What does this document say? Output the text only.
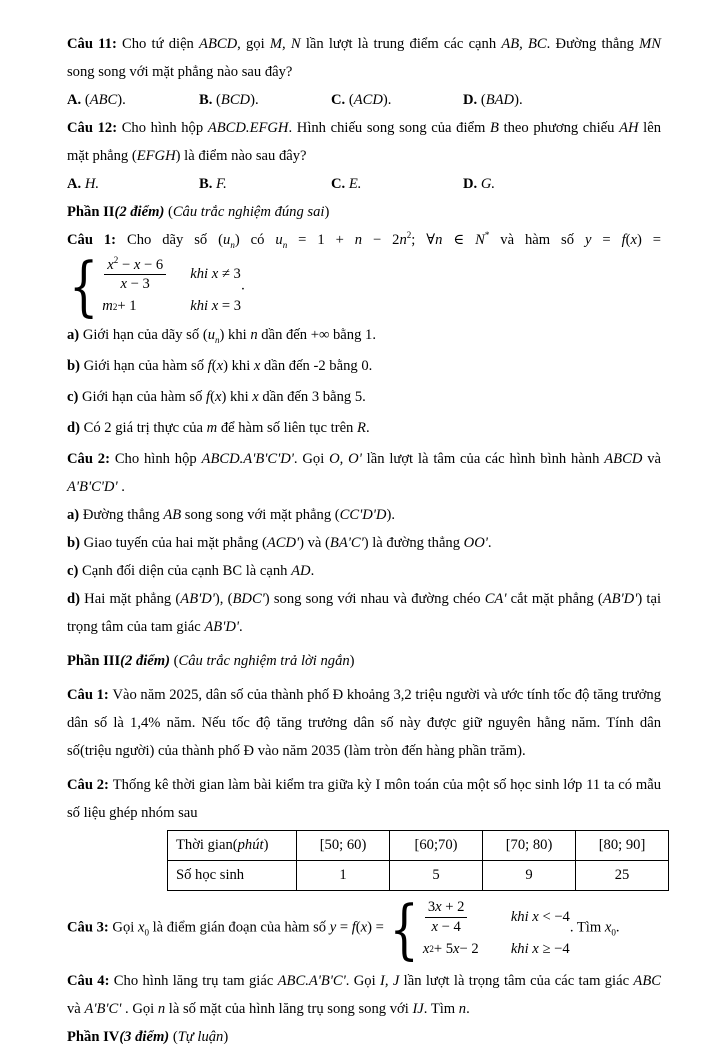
Câu 11: Cho tứ diện ABCD, gọi M, N lần lượt là trung điểm các cạnh AB, BC. Đường thẳng MN song song với mặt phẳng nào sau đây?

A. (ABC).	B. (BCD).	C. (ACD).	D. (BAD).

Câu 12: Cho hình hộp ABCD.EFGH. Hình chiếu song song của điểm B theo phương chiếu AH lên mặt phẳng (EFGH) là điểm nào sau đây?

A. H.	B. F.	C. E.	D. G.

Phần II(2 điểm) (Câu trắc nghiệm đúng sai)

Câu 1: Cho dãy số $(u_n)$ có $u_n = 1 + n - 2n^2$; ∀n ∈ N* và hàm số y = f(x) =
{ $\frac{x^2 - x - 6}{x - 3}$ khi x ≠ 3
m 2 + 1	khi x = 3
.

a) Giới hạn của dãy số $(u_n)$ khi n dần đến +∞ bằng 1.

b) Giới hạn của hàm số f(x) khi x dần đến -2 bằng 0.

c) Giới hạn của hàm số f(x) khi x dần đến 3 bằng 5.

d) Có 2 giá trị thực của m để hàm số liên tục trên R.

Câu 2: Cho hình hộp ABCD.A'B'C'D'. Gọi O, O' lần lượt là tâm của các hình bình hành ABCD và A'B'C'D' .

a) Đường thẳng AB song song với mặt phẳng (CC'D'D).

b) Giao tuyến của hai mặt phẳng (ACD') và (BA'C') là đường thẳng OO'.

c) Cạnh đối diện của cạnh BC là cạnh AD.

d) Hai mặt phẳng (AB'D'), (BDC') song song với nhau và đường chéo CA' cắt mặt phẳng (AB'D') tại trọng tâm của tam giác AB'D'.

Phần III(2 điểm) (Câu trắc nghiệm trả lời ngắn)

Câu 1: Vào năm 2025, dân số của thành phố Đ khoảng 3,2 triệu người và ước tính tốc độ tăng trưởng dân số là 1,4% năm. Nếu tốc độ tăng trưởng dân số này được giữ nguyên hằng năm. Tính dân số(triệu người) của thành phố Đ vào năm 2035 (làm tròn đến hàng phần trăm).

Câu 2: Thống kê thời gian làm bài kiểm tra giữa kỳ I môn toán của một số học sinh lớp 11 ta có mẫu số liệu ghép nhóm sau

Thời gian(phút)	[50; 60)	[60;70)	[70; 80)	[80; 90]
Số học sinh	1	5	9	25

Câu 3: Gọi $x_0$ là điểm gián đoạn của hàm số y = f(x) = { $\frac{3x + 2}{x - 4}$	khi x < −4
x 2 + 5 x − 2 khi x ≥ −4
. Tìm $x_0$.

Câu 4: Cho hình lăng trụ tam giác ABC.A'B'C'. Gọi I, J lần lượt là trọng tâm của các tam giác ABC và A'B'C' . Gọi n là số mặt của hình lăng trụ song song với IJ. Tìm n.

Phần IV(3 điểm) (Tự luận)
